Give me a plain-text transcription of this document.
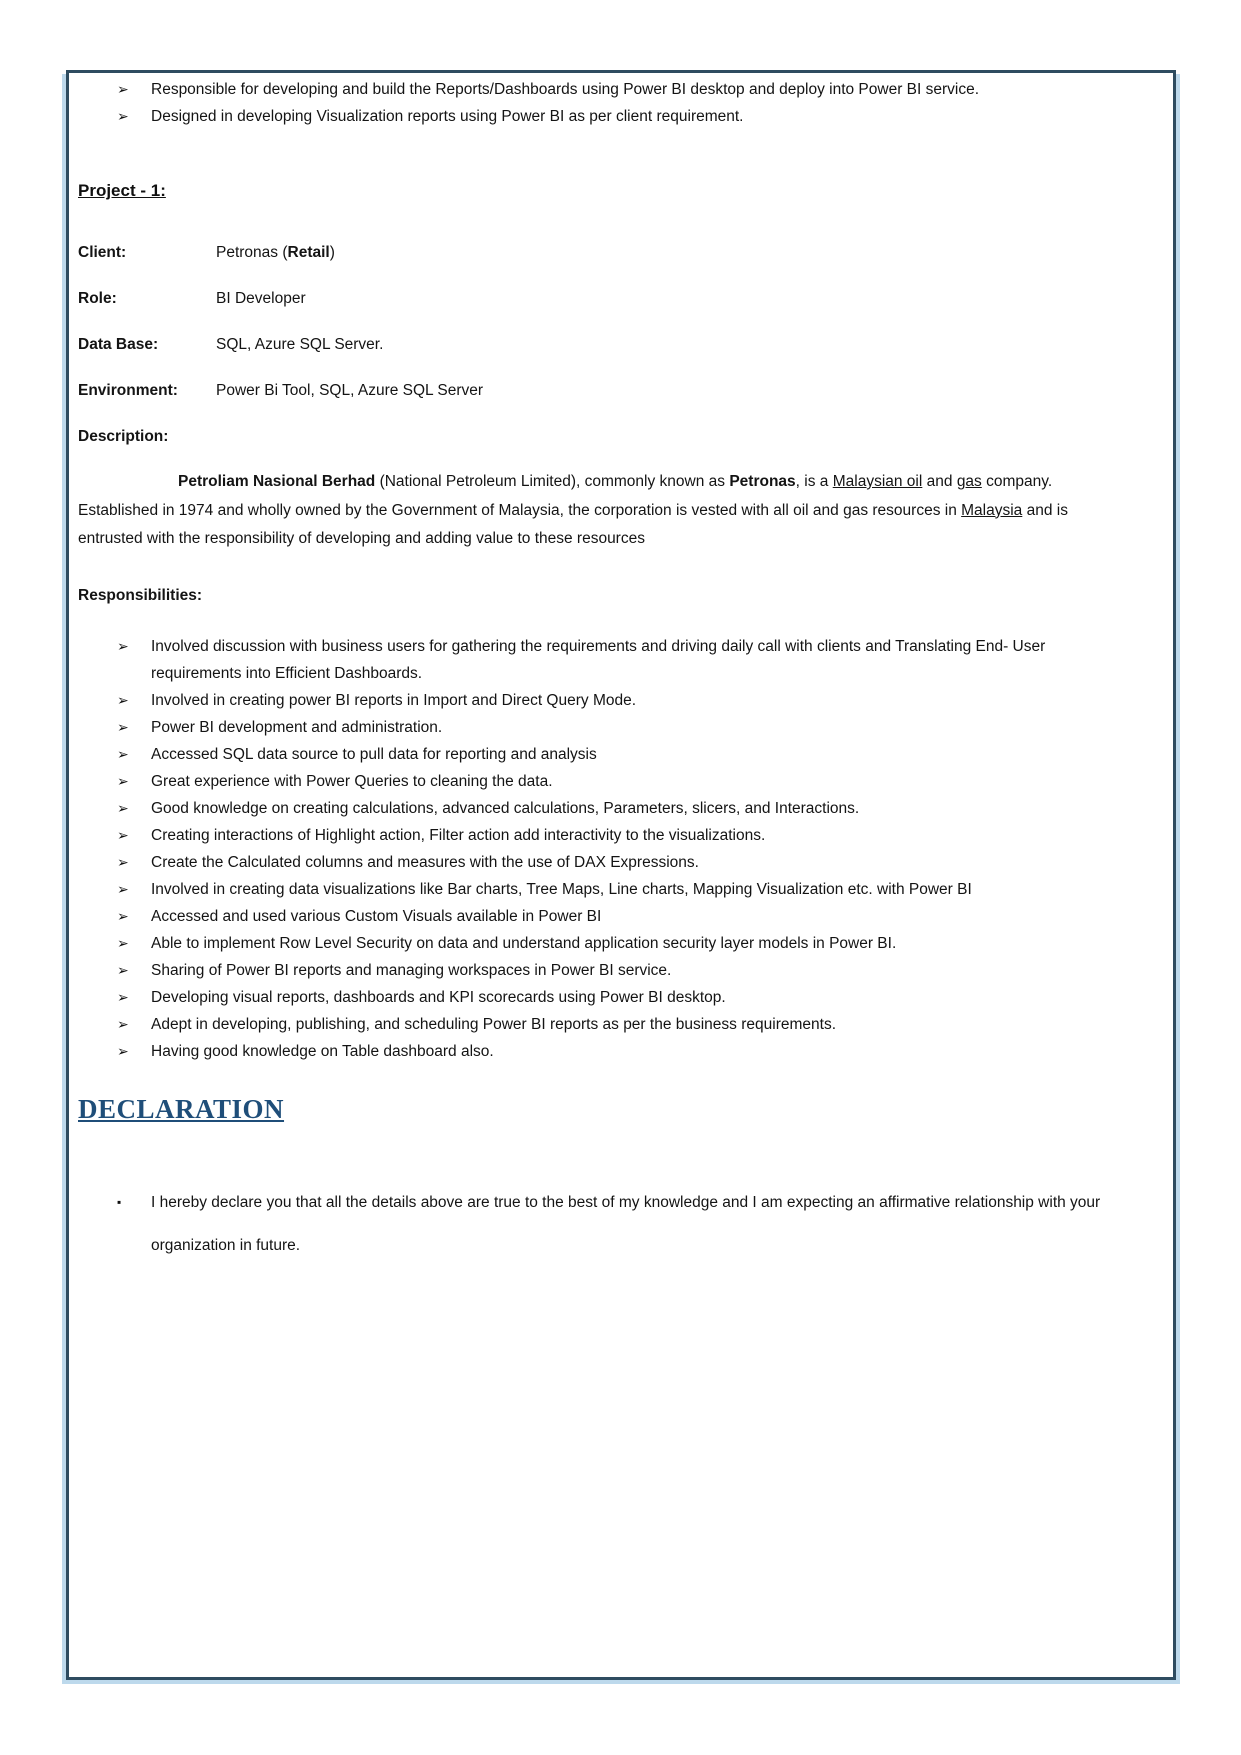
➢	Responsible for developing and build the Reports/Dashboards using Power BI desktop and deploy into Power BI service.
➢	Designed in developing Visualization reports using Power BI as per client requirement.
Project - 1:
Client:	Petronas (Retail)
Role:	BI Developer
Data Base:	SQL, Azure SQL Server.
Environment:	Power Bi Tool, SQL, Azure SQL Server
Description:

Petroliam Nasional Berhad (National Petroleum Limited), commonly known as Petronas, is a Malaysian oil and gas company. Established in 1974 and wholly owned by the Government of Malaysia, the corporation is vested with all oil and gas resources in Malaysia and is entrusted with the responsibility of developing and adding value to these resources

Responsibilities:
➢	Involved discussion with business users for gathering the requirements and driving daily call with clients and Translating End- User requirements into Efficient Dashboards.
➢	Involved in creating power BI reports in Import and Direct Query Mode.
➢	Power BI development and administration.
➢	Accessed SQL data source to pull data for reporting and analysis
➢	Great experience with Power Queries to cleaning the data.
➢	Good knowledge on creating calculations, advanced calculations, Parameters, slicers, and Interactions.
➢	Creating interactions of Highlight action, Filter action add interactivity to the visualizations.
➢	Create the Calculated columns and measures with the use of DAX Expressions.
➢	Involved in creating data visualizations like Bar charts, Tree Maps, Line charts, Mapping Visualization etc. with Power BI
➢	Accessed and used various Custom Visuals available in Power BI
➢	Able to implement Row Level Security on data and understand application security layer models in Power BI.
➢	Sharing of Power BI reports and managing workspaces in Power BI service.
➢	Developing visual reports, dashboards and KPI scorecards using Power BI desktop.
➢	Adept in developing, publishing, and scheduling Power BI reports as per the business requirements.
➢	Having good knowledge on Table dashboard also.
DECLARATION
▪	I hereby declare you that all the details above are true to the best of my knowledge and I am expecting an affirmative relationship with your organization in future.
